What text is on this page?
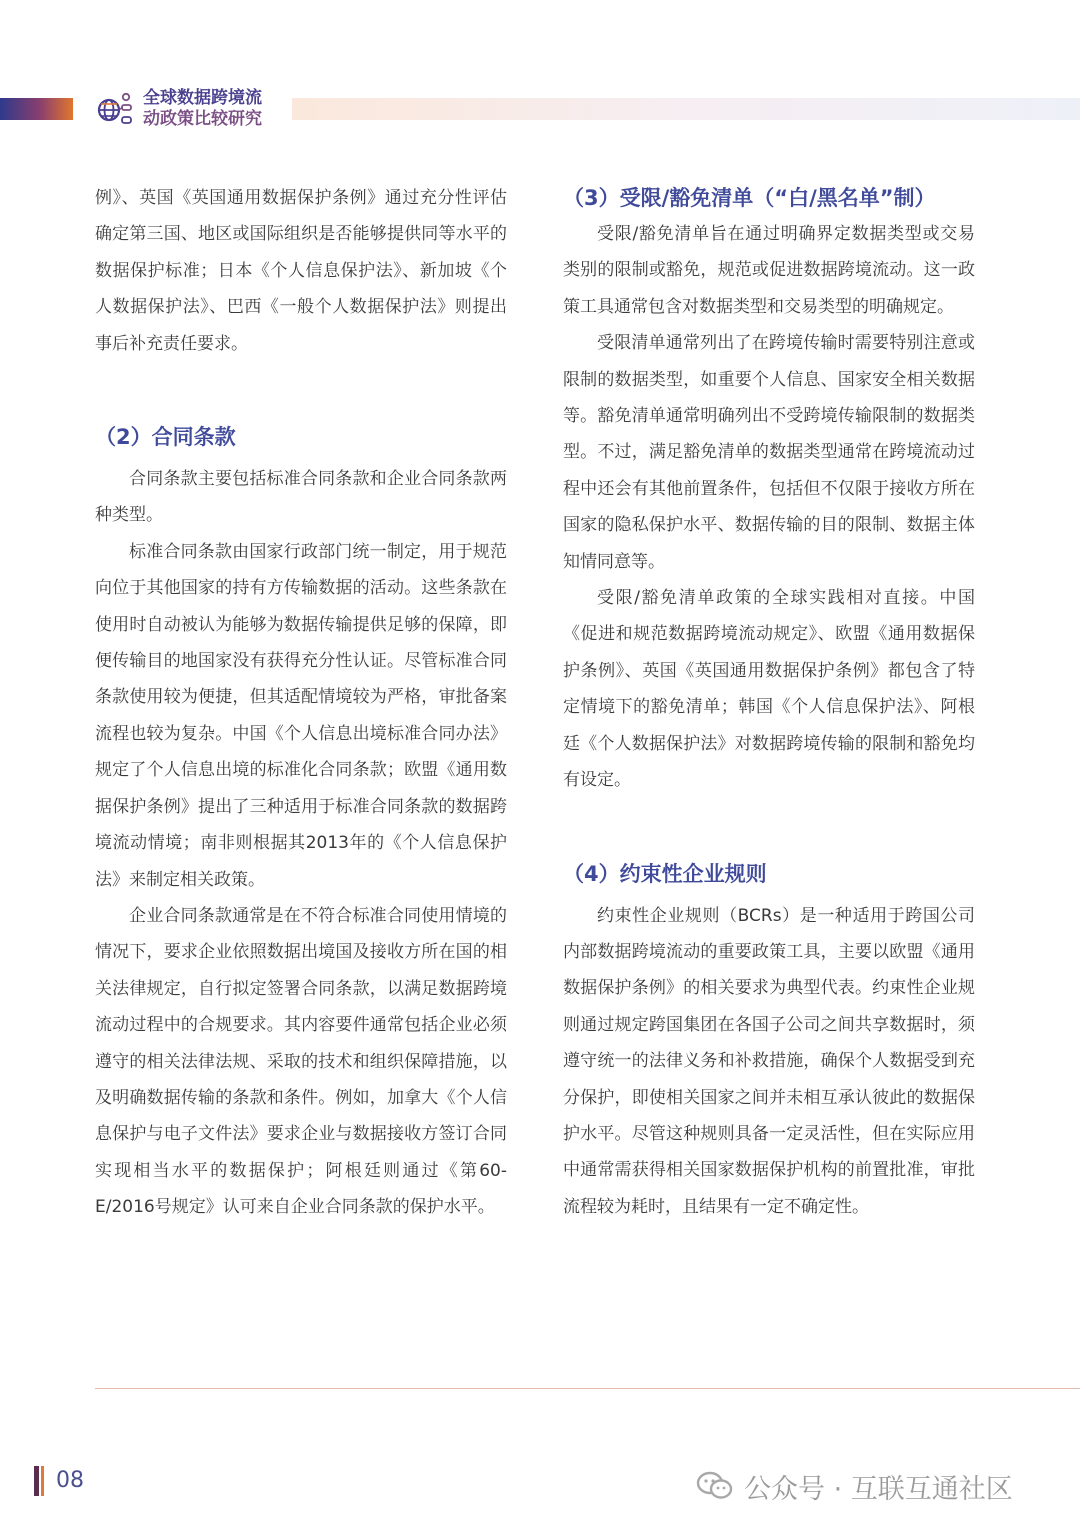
全球数据跨境流
动政策比较研究

例》、英国《英国通用数据保护条例》通过充分性评估确定第三国、地区或国际组织是否能够提供同等水平的数据保护标准；日本《个人信息保护法》、新加坡《个人数据保护法》、巴西《一般个人数据保护法》则提出事后补充责任要求。

（2）合同条款

合同条款主要包括标准合同条款和企业合同条款两种类型。

标准合同条款由国家行政部门统一制定，用于规范向位于其他国家的持有方传输数据的活动。这些条款在使用时自动被认为能够为数据传输提供足够的保障，即便传输目的地国家没有获得充分性认证。尽管标准合同条款使用较为便捷，但其适配情境较为严格，审批备案流程也较为复杂。中国《个人信息出境标准合同办法》规定了个人信息出境的标准化合同条款；欧盟《通用数据保护条例》提出了三种适用于标准合同条款的数据跨境流动情境；南非则根据其2013年的《个人信息保护法》来制定相关政策。

企业合同条款通常是在不符合标准合同使用情境的情况下，要求企业依照数据出境国及接收方所在国的相关法律规定，自行拟定签署合同条款，以满足数据跨境流动过程中的合规要求。其内容要件通常包括企业必须遵守的相关法律法规、采取的技术和组织保障措施，以及明确数据传输的条款和条件。例如，加拿大《个人信息保护与电子文件法》要求企业与数据接收方签订合同实现相当水平的数据保护；阿根廷则通过《第60-E/2016号规定》认可来自企业合同条款的保护水平。

（3）受限/豁免清单（“白/黑名单”制）

受限/豁免清单旨在通过明确界定数据类型或交易类别的限制或豁免，规范或促进数据跨境流动。这一政策工具通常包含对数据类型和交易类型的明确规定。

受限清单通常列出了在跨境传输时需要特别注意或限制的数据类型，如重要个人信息、国家安全相关数据等。豁免清单通常明确列出不受跨境传输限制的数据类型。不过，满足豁免清单的数据类型通常在跨境流动过程中还会有其他前置条件，包括但不仅限于接收方所在国家的隐私保护水平、数据传输的目的限制、数据主体知情同意等。

受限/豁免清单政策的全球实践相对直接。中国《促进和规范数据跨境流动规定》、欧盟《通用数据保护条例》、英国《英国通用数据保护条例》都包含了特定情境下的豁免清单；韩国《个人信息保护法》、阿根廷《个人数据保护法》对数据跨境传输的限制和豁免均有设定。

（4）约束性企业规则

约束性企业规则（BCRs）是一种适用于跨国公司内部数据跨境流动的重要政策工具，主要以欧盟《通用数据保护条例》的相关要求为典型代表。约束性企业规则通过规定跨国集团在各国子公司之间共享数据时，须遵守统一的法律义务和补救措施，确保个人数据受到充分保护，即使相关国家之间并未相互承认彼此的数据保护水平。尽管这种规则具备一定灵活性，但在实际应用中通常需获得相关国家数据保护机构的前置批准，审批流程较为耗时，且结果有一定不确定性。

08	公众号 · 互联互通社区
